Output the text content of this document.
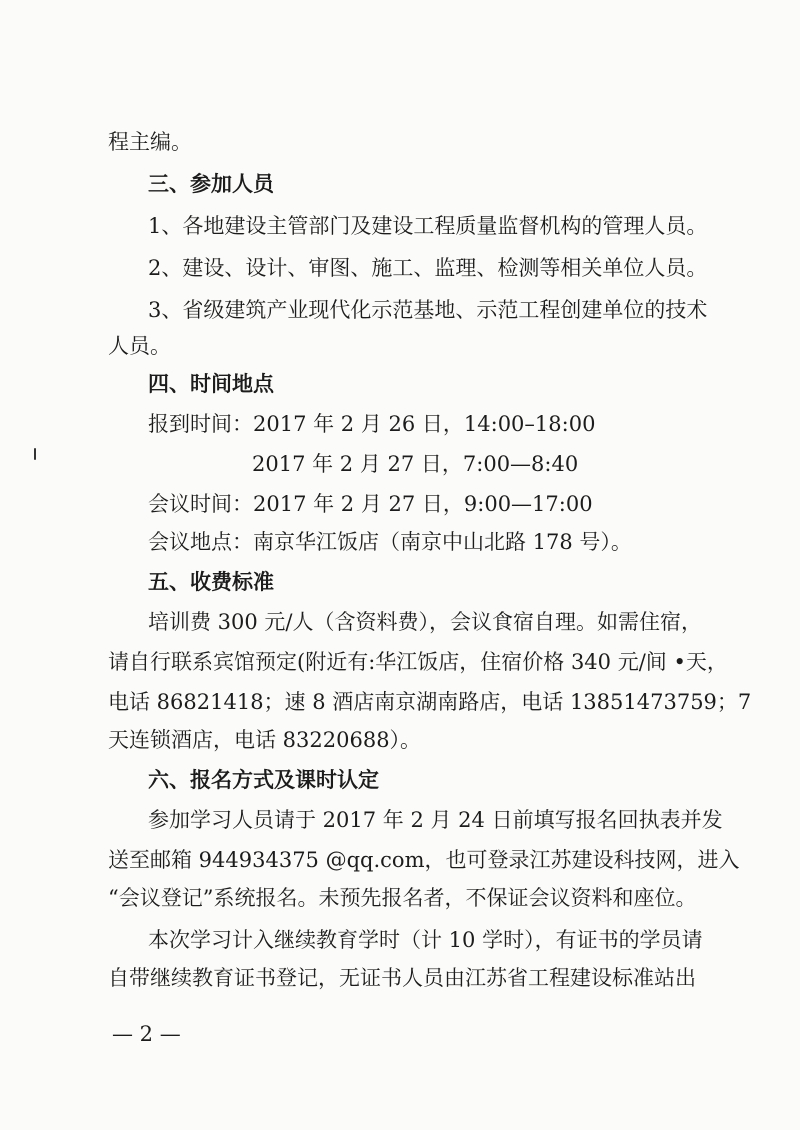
程主编。
三、参加人员
1、各地建设主管部门及建设工程质量监督机构的管理人员。
2、建设、设计、审图、施工、监理、检测等相关单位人员。
3、省级建筑产业现代化示范基地、示范工程创建单位的技术
人员。
四、时间地点
报到时间：2017 年 2 月 26 日，14:00–18:00
2017 年 2 月 27 日，7:00—8:40
会议时间：2017 年 2 月 27 日，9:00—17:00
会议地点：南京华江饭店（南京中山北路 178 号）。
五、收费标准
培训费 300 元/人（含资料费），会议食宿自理。如需住宿，
请自行联系宾馆预定(附近有:华江饭店，住宿价格 340 元/间 •天，
电话 86821418；速 8 酒店南京湖南路店，电话 13851473759；7
天连锁酒店，电话 83220688）。
六、报名方式及课时认定
参加学习人员请于 2017 年 2 月 24 日前填写报名回执表并发
送至邮箱 944934375 @qq.com，也可登录江苏建设科技网，进入
“会议登记”系统报名。未预先报名者，不保证会议资料和座位。
本次学习计入继续教育学时（计 10 学时），有证书的学员请
自带继续教育证书登记，无证书人员由江苏省工程建设标准站出
— 2 —
